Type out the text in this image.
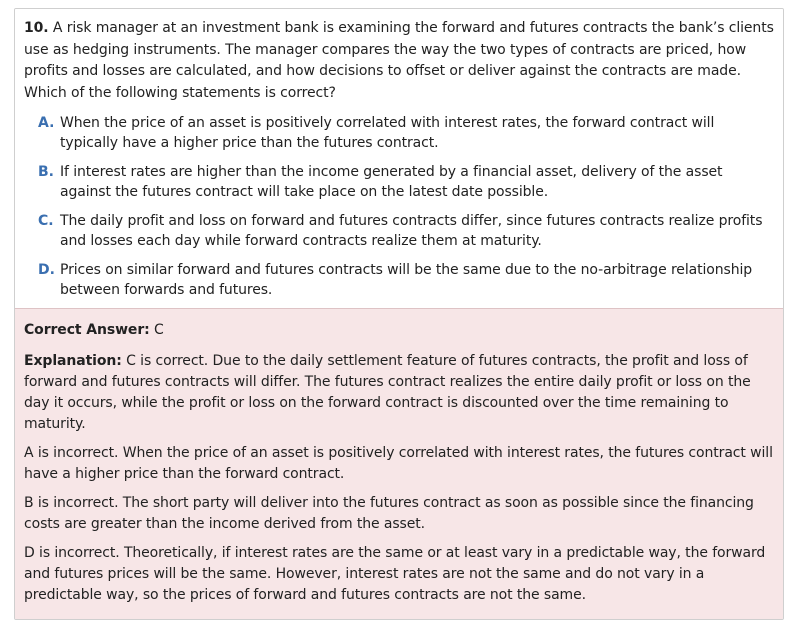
10. A risk manager at an investment bank is examining the forward and futures contracts the bank’s clients use as hedging instruments. The manager compares the way the two types of contracts are priced, how profits and losses are calculated, and how decisions to offset or deliver against the contracts are made. Which of the following statements is correct?

A. When the price of an asset is positively correlated with interest rates, the forward contract will typically have a higher price than the futures contract.
B. If interest rates are higher than the income generated by a financial asset, delivery of the asset against the futures contract will take place on the latest date possible.
C. The daily profit and loss on forward and futures contracts differ, since futures contracts realize profits and losses each day while forward contracts realize them at maturity.
D. Prices on similar forward and futures contracts will be the same due to the no-arbitrage relationship between forwards and futures.

Correct Answer: C

Explanation: C is correct. Due to the daily settlement feature of futures contracts, the profit and loss of forward and futures contracts will differ. The futures contract realizes the entire daily profit or loss on the day it occurs, while the profit or loss on the forward contract is discounted over the time remaining to maturity.

A is incorrect. When the price of an asset is positively correlated with interest rates, the futures contract will have a higher price than the forward contract.

B is incorrect. The short party will deliver into the futures contract as soon as possible since the financing costs are greater than the income derived from the asset.

D is incorrect. Theoretically, if interest rates are the same or at least vary in a predictable way, the forward and futures prices will be the same. However, interest rates are not the same and do not vary in a predictable way, so the prices of forward and futures contracts are not the same.
